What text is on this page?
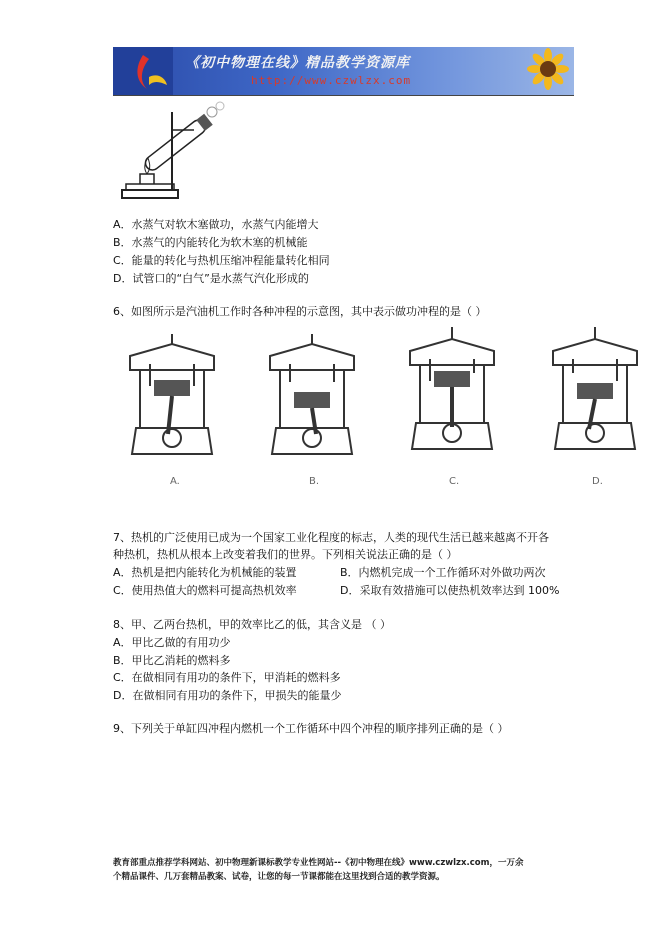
《初中物理在线》精品教学资源库
http://www.czwlzx.com
A．水蒸气对软木塞做功，水蒸气内能增大
B．水蒸气的内能转化为软木塞的机械能
C．能量的转化与热机压缩冲程能量转化相同
D．试管口的“白气”是水蒸气汽化形成的
6、如图所示是汽油机工作时各种冲程的示意图，其中表示做功冲程的是（ ）
A.	B.	C.	D.
7、热机的广泛使用已成为一个国家工业化程度的标志，人类的现代生活已越来越离不开各
种热机，热机从根本上改变着我们的世界。下列相关说法正确的是（ ）
A．热机是把内能转化为机械能的装置	B．内燃机完成一个工作循环对外做功两次
C．使用热值大的燃料可提高热机效率	D．采取有效措施可以使热机效率达到 100%
8、甲、乙两台热机，甲的效率比乙的低，其含义是 （ ）
A．甲比乙做的有用功少
B．甲比乙消耗的燃料多
C．在做相同有用功的条件下，甲消耗的燃料多
D．在做相同有用功的条件下，甲损失的能量少
9、下列关于单缸四冲程内燃机一个工作循环中四个冲程的顺序排列正确的是（ ）
教育部重点推荐学科网站、初中物理新课标教学专业性网站--《初中物理在线》www.czwlzx.com，一万余
个精品课件、几万套精品教案、试卷，让您的每一节课都能在这里找到合适的教学资源。
